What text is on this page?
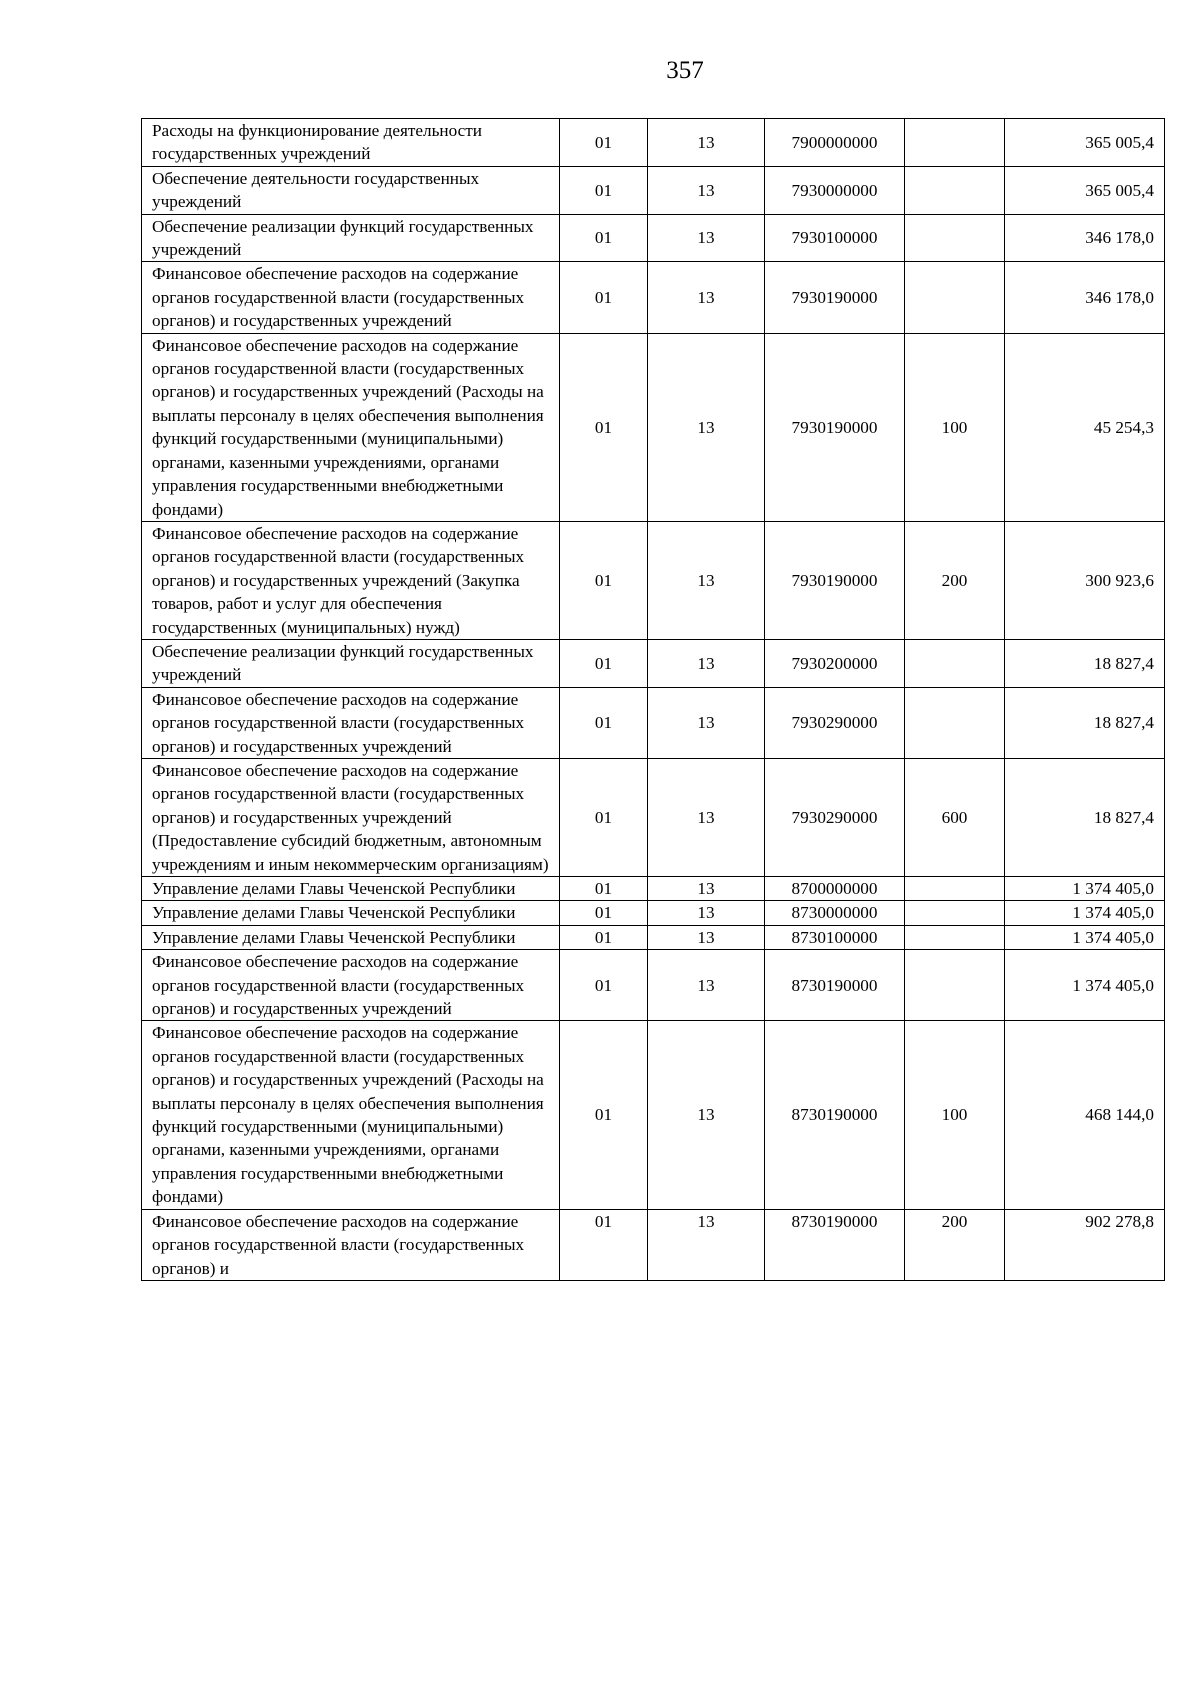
357
Расходы на функционирование деятельности государственных учреждений	01	13	7900000000		365 005,4
Обеспечение деятельности государственных учреждений	01	13	7930000000		365 005,4
Обеспечение реализации функций государственных учреждений	01	13	7930100000		346 178,0
Финансовое обеспечение расходов на содержание органов государственной власти (государственных органов) и государственных учреждений	01	13	7930190000		346 178,0
Финансовое обеспечение расходов на содержание органов государственной власти (государственных органов) и государственных учреждений (Расходы на выплаты персоналу в целях обеспечения выполнения функций государственными (муниципальными) органами, казенными учреждениями, органами управления государственными внебюджетными фондами)	01	13	7930190000	100	45 254,3
Финансовое обеспечение расходов на содержание органов государственной власти (государственных органов) и государственных учреждений (Закупка товаров, работ и услуг для обеспечения государственных (муниципальных) нужд)	01	13	7930190000	200	300 923,6
Обеспечение реализации функций государственных учреждений	01	13	7930200000		18 827,4
Финансовое обеспечение расходов на содержание органов государственной власти (государственных органов) и государственных учреждений	01	13	7930290000		18 827,4
Финансовое обеспечение расходов на содержание органов государственной власти (государственных органов) и государственных учреждений (Предоставление субсидий бюджетным, автономным учреждениям и иным некоммерческим организациям)	01	13	7930290000	600	18 827,4
Управление делами Главы Чеченской Республики	01	13	8700000000		1 374 405,0
Управление делами Главы Чеченской Республики	01	13	8730000000		1 374 405,0
Управление делами Главы Чеченской Республики	01	13	8730100000		1 374 405,0
Финансовое обеспечение расходов на содержание органов государственной власти (государственных органов) и государственных учреждений	01	13	8730190000		1 374 405,0
Финансовое обеспечение расходов на содержание органов государственной власти (государственных органов) и государственных учреждений (Расходы на выплаты персоналу в целях обеспечения выполнения функций государственными (муниципальными) органами, казенными учреждениями, органами управления государственными внебюджетными фондами)	01	13	8730190000	100	468 144,0
Финансовое обеспечение расходов на содержание органов государственной власти (государственных органов) и	01	13	8730190000	200	902 278,8
